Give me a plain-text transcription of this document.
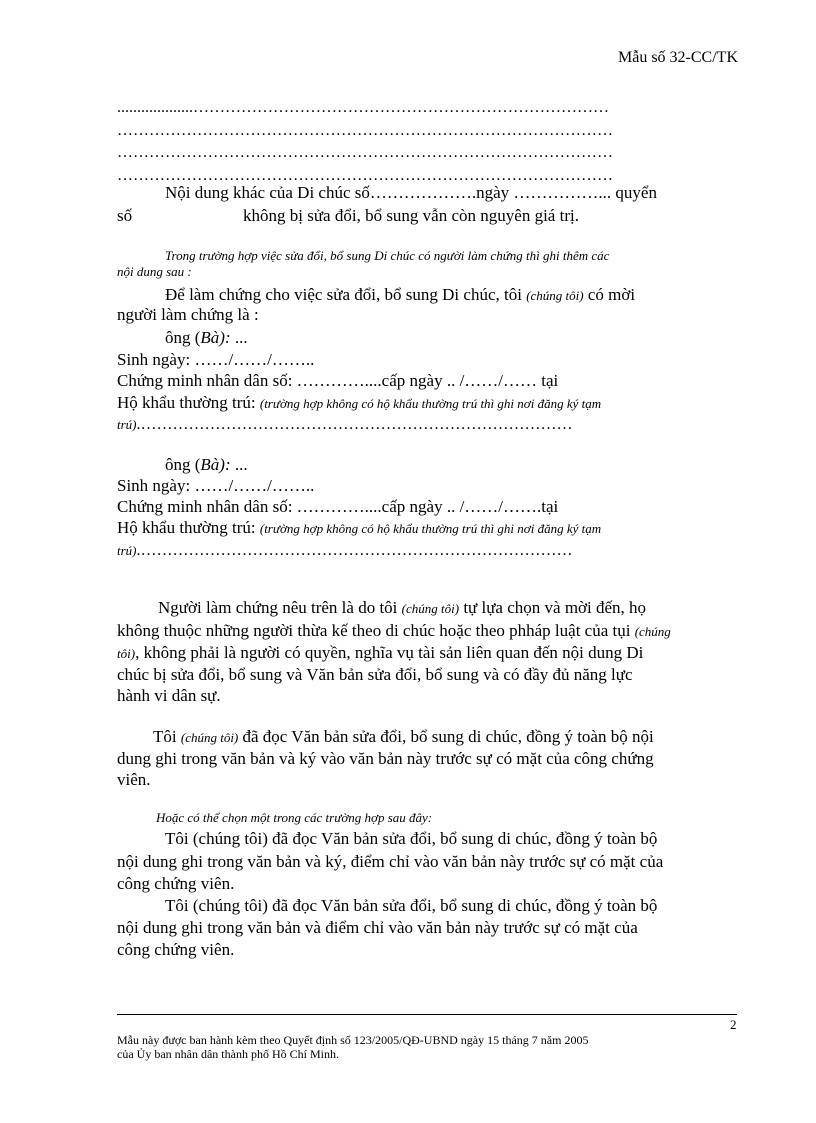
Mẫu số 32-CC/TK
...................……………………………………………………………………
…………………………………………………………………………………
…………………………………………………………………………………
…………………………………………………………………………………
Nội dung khác của Di chúc số……………….ngày ……………... quyển
số	không bị sửa đổi, bổ sung vẫn còn nguyên giá trị.
Trong trường hợp việc sửa đổi, bổ sung Di chúc có người làm chứng thì ghi thêm các
nội dung sau :
Để làm chứng cho việc sửa đổi, bổ sung Di chúc, tôi (chúng tôi) có mời
người làm chứng là :
ông (Bà): ...
Sinh ngày: ……/……/……..
Chứng minh nhân dân số: …………....cấp ngày .. /……/…… tại
Hộ khẩu thường trú: (trường hợp không có hộ khẩu thường trú thì ghi nơi đăng ký tạm
trú).………………………………………………………………………
ông (Bà): ...
Sinh ngày: ……/……/……..
Chứng minh nhân dân số: …………....cấp ngày .. /……/…….tại
Hộ khẩu thường trú: (trường hợp không có hộ khẩu thường trú thì ghi nơi đăng ký tạm
trú).………………………………………………………………………
Người làm chứng nêu trên là do tôi (chúng tôi) tự lựa chọn và mời đến, họ
không thuộc những người thừa kế theo di chúc hoặc theo phháp luật của tụi (chúng
tôi), không phải là người có quyền, nghĩa vụ tài sản liên quan đến nội dung Di
chúc bị sửa đổi, bổ sung và Văn bản sửa đổi, bổ sung và có đầy đủ năng lực
hành vi dân sự.
Tôi (chúng tôi) đã đọc Văn bản sửa đổi, bổ sung di chúc, đồng ý toàn bộ nội
dung ghi trong văn bản và ký vào văn bản này trước sự có mặt của công chứng
viên.
Hoặc có thể chọn một trong các trường hợp sau đây:
Tôi (chúng tôi) đã đọc Văn bản sửa đổi, bổ sung di chúc, đồng ý toàn bộ
nội dung ghi trong văn bản và ký, điểm chỉ vào văn bản này trước sự có mặt của
công chứng viên.
Tôi (chúng tôi) đã đọc Văn bản sửa đổi, bổ sung di chúc, đồng ý toàn bộ
nội dung ghi trong văn bản và điểm chỉ vào văn bản này trước sự có mặt của
công chứng viên.
2
Mẫu này được ban hành kèm theo Quyết định số 123/2005/QĐ-UBND ngày 15 tháng 7 năm 2005
của Ủy ban nhân dân thành phố Hồ Chí Minh.
